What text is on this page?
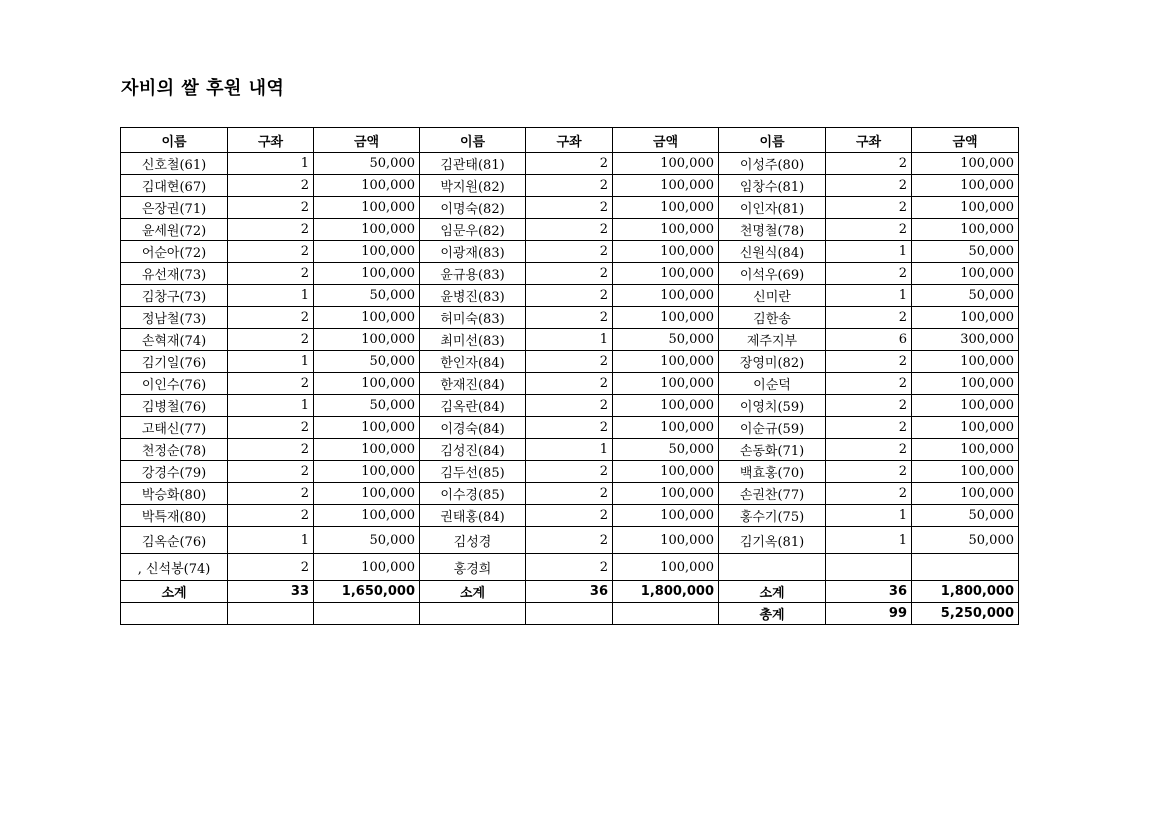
자비의 쌀 후원 내역
이름	구좌	금액	이름	구좌	금액	이름	구좌	금액
신호철(61)	1	50,000	김관태(81)	2	100,000	이성주(80)	2	100,000
김대현(67)	2	100,000	박지원(82)	2	100,000	임창수(81)	2	100,000
은장권(71)	2	100,000	이명숙(82)	2	100,000	이인자(81)	2	100,000
윤세원(72)	2	100,000	임문우(82)	2	100,000	천명철(78)	2	100,000
어순아(72)	2	100,000	이광재(83)	2	100,000	신원식(84)	1	50,000
유선재(73)	2	100,000	윤규용(83)	2	100,000	이석우(69)	2	100,000
김창구(73)	1	50,000	윤병진(83)	2	100,000	신미란	1	50,000
정남철(73)	2	100,000	허미숙(83)	2	100,000	김한송	2	100,000
손혁재(74)	2	100,000	최미선(83)	1	50,000	제주지부	6	300,000
김기일(76)	1	50,000	한인자(84)	2	100,000	장영미(82)	2	100,000
이인수(76)	2	100,000	한재진(84)	2	100,000	이순덕	2	100,000
김병철(76)	1	50,000	김옥란(84)	2	100,000	이영치(59)	2	100,000
고태신(77)	2	100,000	이경숙(84)	2	100,000	이순규(59)	2	100,000
천정순(78)	2	100,000	김성진(84)	1	50,000	손동화(71)	2	100,000
강경수(79)	2	100,000	김두선(85)	2	100,000	백효홍(70)	2	100,000
박승화(80)	2	100,000	이수경(85)	2	100,000	손권찬(77)	2	100,000
박특재(80)	2	100,000	권태홍(84)	2	100,000	홍수기(75)	1	50,000
김옥순(76)	1	50,000	김성경	2	100,000	김기옥(81)	1	50,000
, 신석봉(74)	2	100,000	홍경희	2	100,000			
소계	33	1,650,000	소계	36	1,800,000	소계	36	1,800,000
						총계	99	5,250,000
